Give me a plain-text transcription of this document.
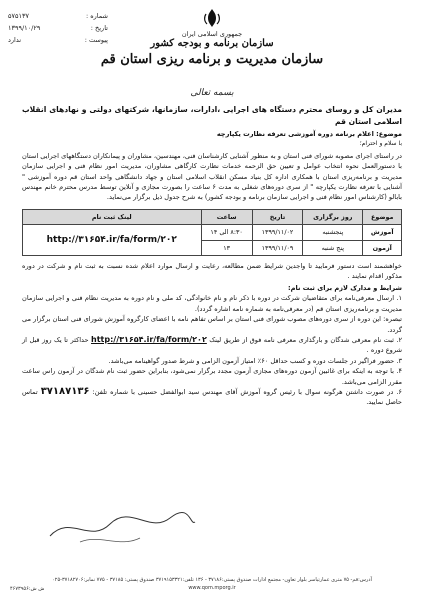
جمهوری اسلامی ایران
سازمان برنامه و بودجه کشور
سازمان مدیریت و برنامه ریزی استان قم
شماره :
۵۷۵۱۳۷
تاریخ :
۱۳۹۹/۱۰/۲۹
پیوست :
ندارد
بسمه تعالی
مدیران کل و روسای محترم دستگاه های اجرایی ،ادارات، سازمانها، شرکتهای دولتی و نهادهای انقلاب اسلامی استان قم
موضوع: اعلام برنامه دوره آموزشی تعرفه نظارت یکپارچه
با سلام و احترام؛

در راستای اجرای مصوبه شورای فنی استان و به منظور آشنایی کارشناسان فنی، مهندسین، مشاوران و پیمانکاران دستگاههای اجرایی استان با دستورالعمل نحوه انتخاب عوامل و تعیین حق الزحمه خدمات نظارت کارگاهی مشاوران، مدیریت امور نظام فنی و اجرایی سازمان مدیریت و برنامه‌ریزی استان با همکاری اداره کل بنیاد مسکن انقلاب اسلامی استان و جهاد دانشگاهی واحد استان قم دوره آموزشی " آشنایی با تعرفه نظارت یکپارچه " از سری دوره‌های شغلی به مدت ۶ ساعت را بصورت مجازی و آنلاین توسط مدرس محترم خانم مهندس بابالو (کارشناس امور نظام فنی و اجرایی سازمان برنامه و بودجه کشور) به شرح جدول ذیل برگزار می‌نماید.

موضوع	روز برگزاری	تاریخ	ساعت	لینک ثبت نام
آموزش	پنجشنبه	۱۳۹۹/۱۱/۰۲	۸:۳۰ الی ۱۴	http://۳۱۶۵۴.ir/fa/form/۲۰۲
آزمون	پنج شنبه	۱۳۹۹/۱۱/۰۹	۱۳	

خواهشمند است دستور فرمایید تا واجدین شرایط ضمن مطالعه، رعایت و ارسال موارد اعلام شده نسبت به ثبت نام و شرکت در دوره مذکور اقدام نمایند .

شرایط و مدارک لازم برای ثبت نام:

۱. ارسال معرفی‌نامه برای متقاضیان شرکت در دوره با ذکر نام و نام خانوادگی، کد ملی و نام دوره به مدیریت نظام فنی و اجرایی سازمان مدیریت و برنامه‌ریزی استان قم (در معرفی‌نامه به شماره نامه اشاره گردد).

تبصره: این دوره از سری دوره‌های مصوب شورای فنی استان بر اساس تفاهم نامه با اعضای کارگروه آموزش شورای فنی استان برگزار می گردد.

۲. ثبت نام معرفی شدگان و بارگذاری معرفی نامه فوق از طریق لینک http://۳۱۶۵۴.ir/fa/form/۲۰۲ حداکثر تا یک روز قبل از شروع دوره .

۳. حضور فراگیر در جلسات دوره و کسب حداقل ۶۰٪ امتیاز آزمون الزامی و شرط صدور گواهینامه می‌باشد.

۴. با توجه به اینکه برای غائبین آزمون دوره‌های مجازی آزمون مجدد برگزار نمی‌شود، بنابراین حضور ثبت نام شدگان در آزمون راس ساعت مقرر الزامی می‌باشد.

۶. در صورت داشتن هرگونه سوال با رئیس گروه آموزش آقای مهندس سید ابوالفضل حسینی با شماره تلفن: ۳۷۱۸۷۱۳۶ تماس حاصل نمایید.

آدرس:قم- ۷۵ متری عمارتیاسر بلوار تعاون- مجتمع ادارات صندوق پستی:۳۷۱۸۶ - ۱۳۶ تلفن:۳۷۱۹۱۵۳۳۲۱ صندوق پستی: ۳۷۱۸۵ - ۷۷۵ نمابر:۳۷۱۸۲۷۰۶-۰۲۵
www.qom.mporg.ir
ش ش:۴۶۷۳۹۵۶
